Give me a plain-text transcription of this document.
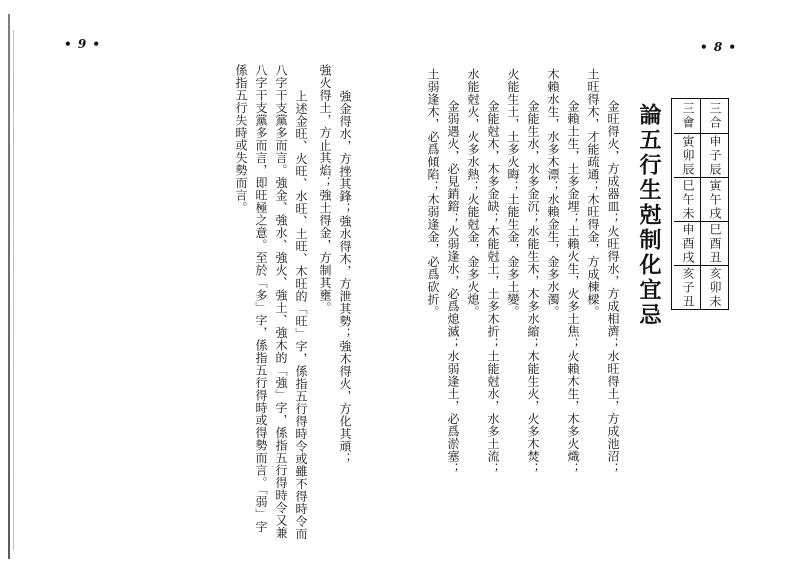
• 9 •	• 8 •
三合
申子辰
寅午戌
巳酉丑
亥卯未
三會
寅卯辰
巳午未
申酉戌
亥子丑
論五行生尅制化宜忌
金旺得火，方成器皿；火旺得水，方成相濟；水旺得土，方成池沼；
土旺得木，才能疏通；木旺得金，方成棟樑。
金賴土生，土多金埋；土賴火生，火多土焦；火賴木生，木多火熾；
木賴水生，水多木漂；水賴金生，金多水濁。
金能生水，水多金沉；水能生木，木多水縮；木能生火，火多木焚；
火能生土，土多火晦；土能生金，金多土變。
金能尅木，木多金缺；木能尅土，土多木折；土能尅水，水多土流；
水能尅火，火多水熱；火能尅金，金多火熄。
金弱遇火，必見銷鎔；火弱逢水，必爲熄滅；水弱逢土，必爲淤塞；
土弱逢木，必爲傾陷；木弱逢金，必爲砍折。
強金得水，方挫其鋒；強水得木，方泄其勢；強木得火，方化其頑；
強火得土，方止其焰；強土得金，方制其壅。
上述金旺、火旺、水旺、土旺、木旺的「旺」字，係指五行得時令或雖不得時令而
八字干支黨多而言。強金、強水、強火、強土、強木的「強」字，係指五行得時令又兼
八字干支黨多而言，即旺極之意。至於「多」字，係指五行得時或得勢而言。「弱」字
係指五行失時或失勢而言。
